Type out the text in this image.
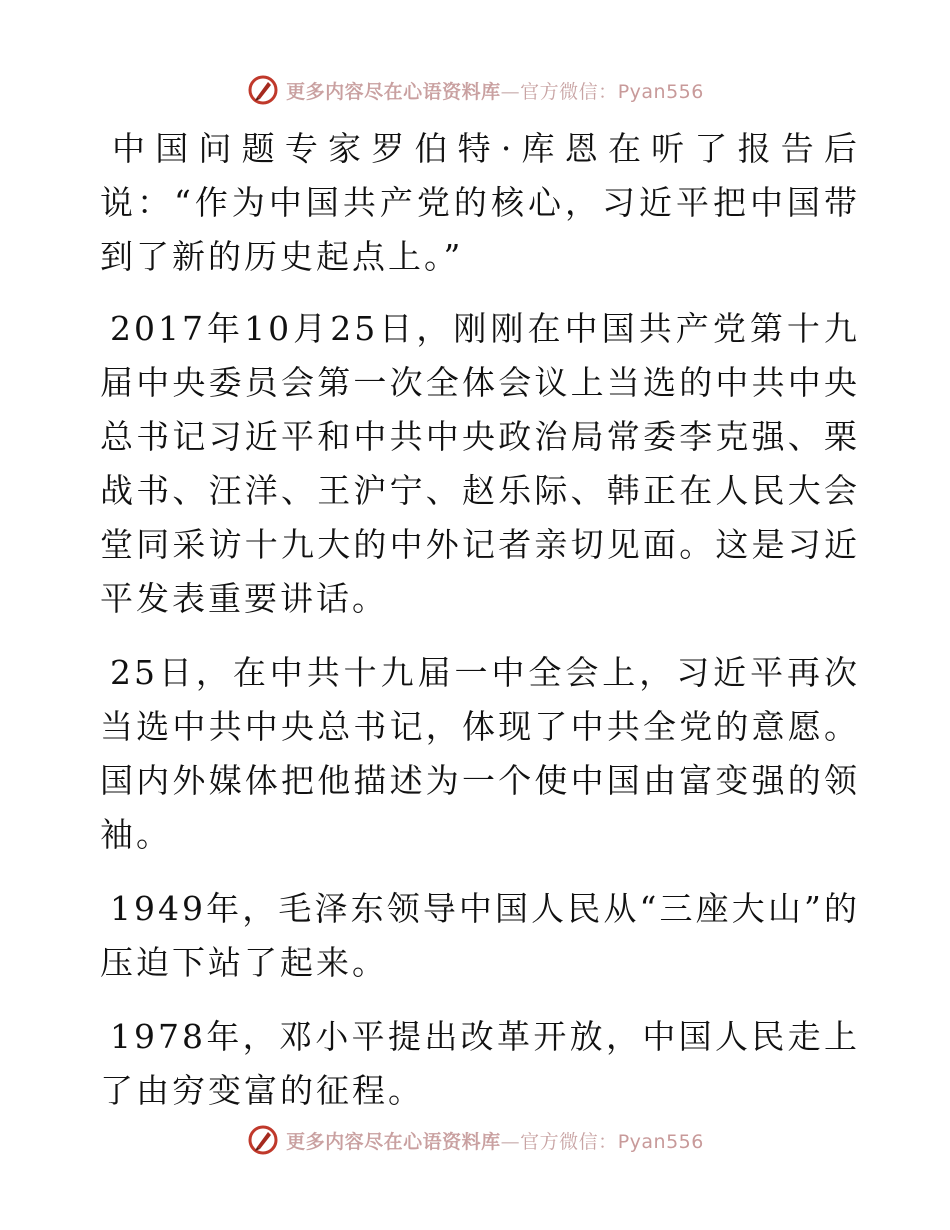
更多内容尽在心语资料库—官方微信：Pyan556

中国问题专家罗伯特·库恩在听了报告后说：“作为中国共产党的核心，习近平把中国带到了新的历史起点上。”

2017年10月25日，刚刚在中国共产党第十九届中央委员会第一次全体会议上当选的中共中央总书记习近平和中共中央政治局常委李克强、栗战书、汪洋、王沪宁、赵乐际、韩正在人民大会堂同采访十九大的中外记者亲切见面。这是习近平发表重要讲话。

25日，在中共十九届一中全会上，习近平再次当选中共中央总书记，体现了中共全党的意愿。国内外媒体把他描述为一个使中国由富变强的领袖。

1949年，毛泽东领导中国人民从“三座大山”的压迫下站了起来。

1978年，邓小平提出改革开放，中国人民走上了由穷变富的征程。

更多内容尽在心语资料库—官方微信：Pyan556
